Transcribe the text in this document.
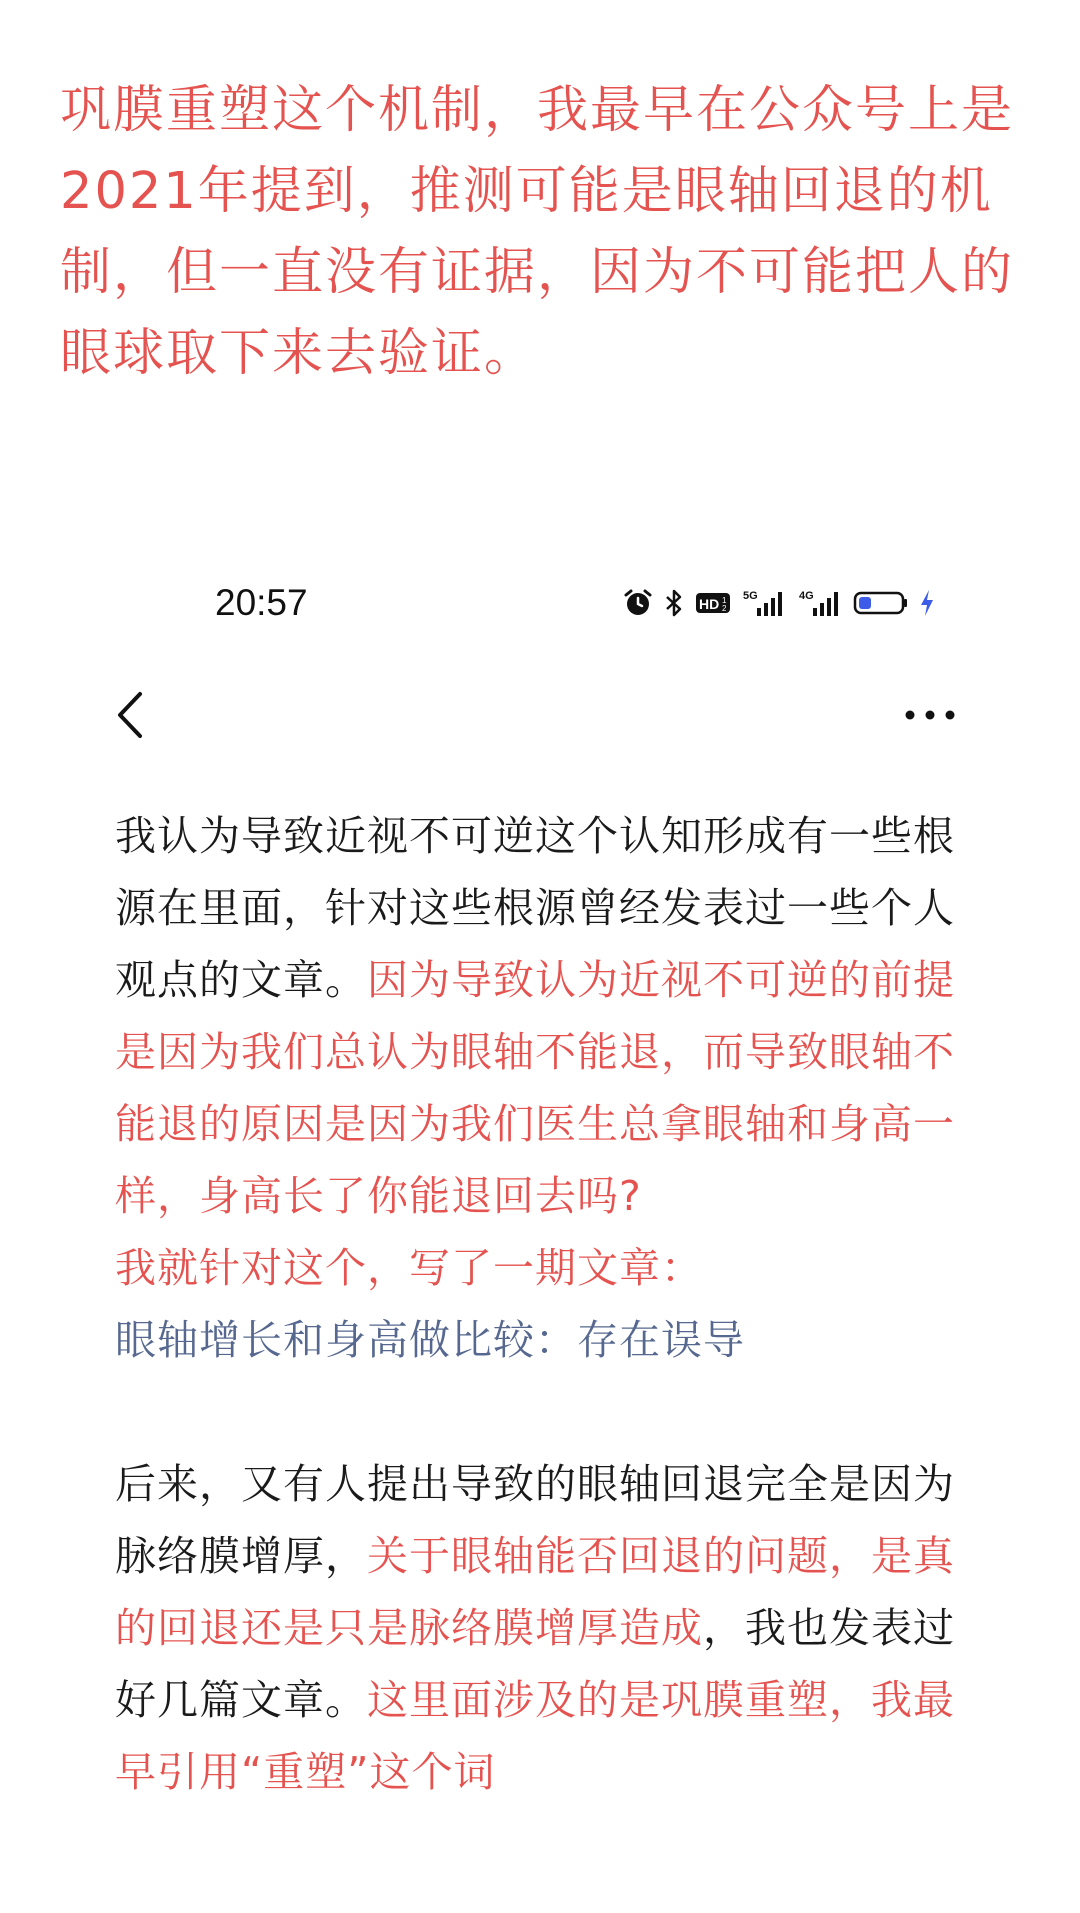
巩膜重塑这个机制，我最早在公众号上是2021年提到，推测可能是眼轴回退的机制，但一直没有证据，因为不可能把人的眼球取下来去验证。
20:57	HD 1
2
5G	4G

我认为导致近视不可逆这个认知形成有一些根源在里面，针对这些根源曾经发表过一些个人观点的文章。因为导致认为近视不可逆的前提是因为我们总认为眼轴不能退，而导致眼轴不能退的原因是因为我们医生总拿眼轴和身高一样，身高长了你能退回去吗?

我就针对这个，写了一期文章：

眼轴增长和身高做比较：存在误导

后来，又有人提出导致的眼轴回退完全是因为脉络膜增厚，关于眼轴能否回退的问题，是真的回退还是只是脉络膜增厚造成，我也发表过好几篇文章。这里面涉及的是巩膜重塑，我最早引用“重塑”这个词
